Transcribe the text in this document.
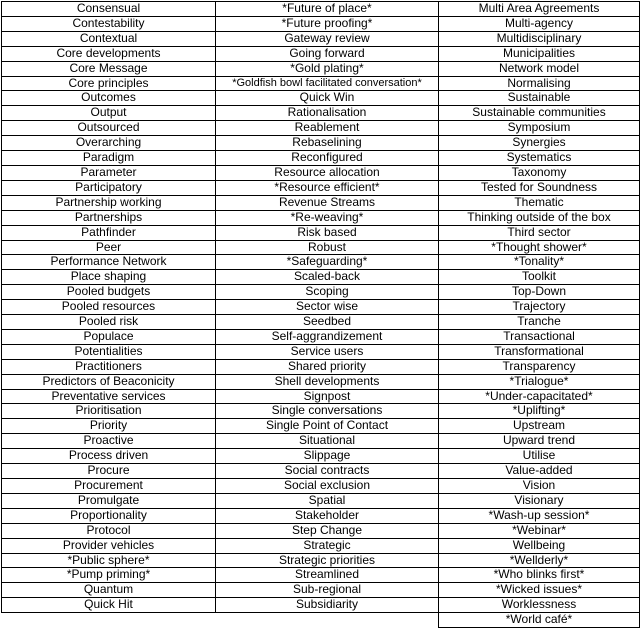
Consensual	*Future of place*	Multi Area Agreements
Contestability	*Future proofing*	Multi-agency
Contextual	Gateway review	Multidisciplinary
Core developments	Going forward	Municipalities
Core Message	*Gold plating*	Network model
Core principles	*Goldfish bowl facilitated conversation*	Normalising
Outcomes	Quick Win	Sustainable
Output	Rationalisation	Sustainable communities
Outsourced	Reablement	Symposium
Overarching	Rebaselining	Synergies
Paradigm	Reconfigured	Systematics
Parameter	Resource allocation	Taxonomy
Participatory	*Resource efficient*	Tested for Soundness
Partnership working	Revenue Streams	Thematic
Partnerships	*Re-weaving*	Thinking outside of the box
Pathfinder	Risk based	Third sector
Peer	Robust	*Thought shower*
Performance Network	*Safeguarding*	*Tonality*
Place shaping	Scaled-back	Toolkit
Pooled budgets	Scoping	Top-Down
Pooled resources	Sector wise	Trajectory
Pooled risk	Seedbed	Tranche
Populace	Self-aggrandizement	Transactional
Potentialities	Service users	Transformational
Practitioners	Shared priority	Transparency
Predictors of Beaconicity	Shell developments	*Trialogue*
Preventative services	Signpost	*Under-capacitated*
Prioritisation	Single conversations	*Uplifting*
Priority	Single Point of Contact	Upstream
Proactive	Situational	Upward trend
Process driven	Slippage	Utilise
Procure	Social contracts	Value-added
Procurement	Social exclusion	Vision
Promulgate	Spatial	Visionary
Proportionality	Stakeholder	*Wash-up session*
Protocol	Step Change	*Webinar*
Provider vehicles	Strategic	Wellbeing
*Public sphere*	Strategic priorities	*Wellderly*
*Pump priming*	Streamlined	*Who blinks first*
Quantum	Sub-regional	*Wicked issues*
Quick Hit	Subsidiarity	Worklessness
		*World café*
